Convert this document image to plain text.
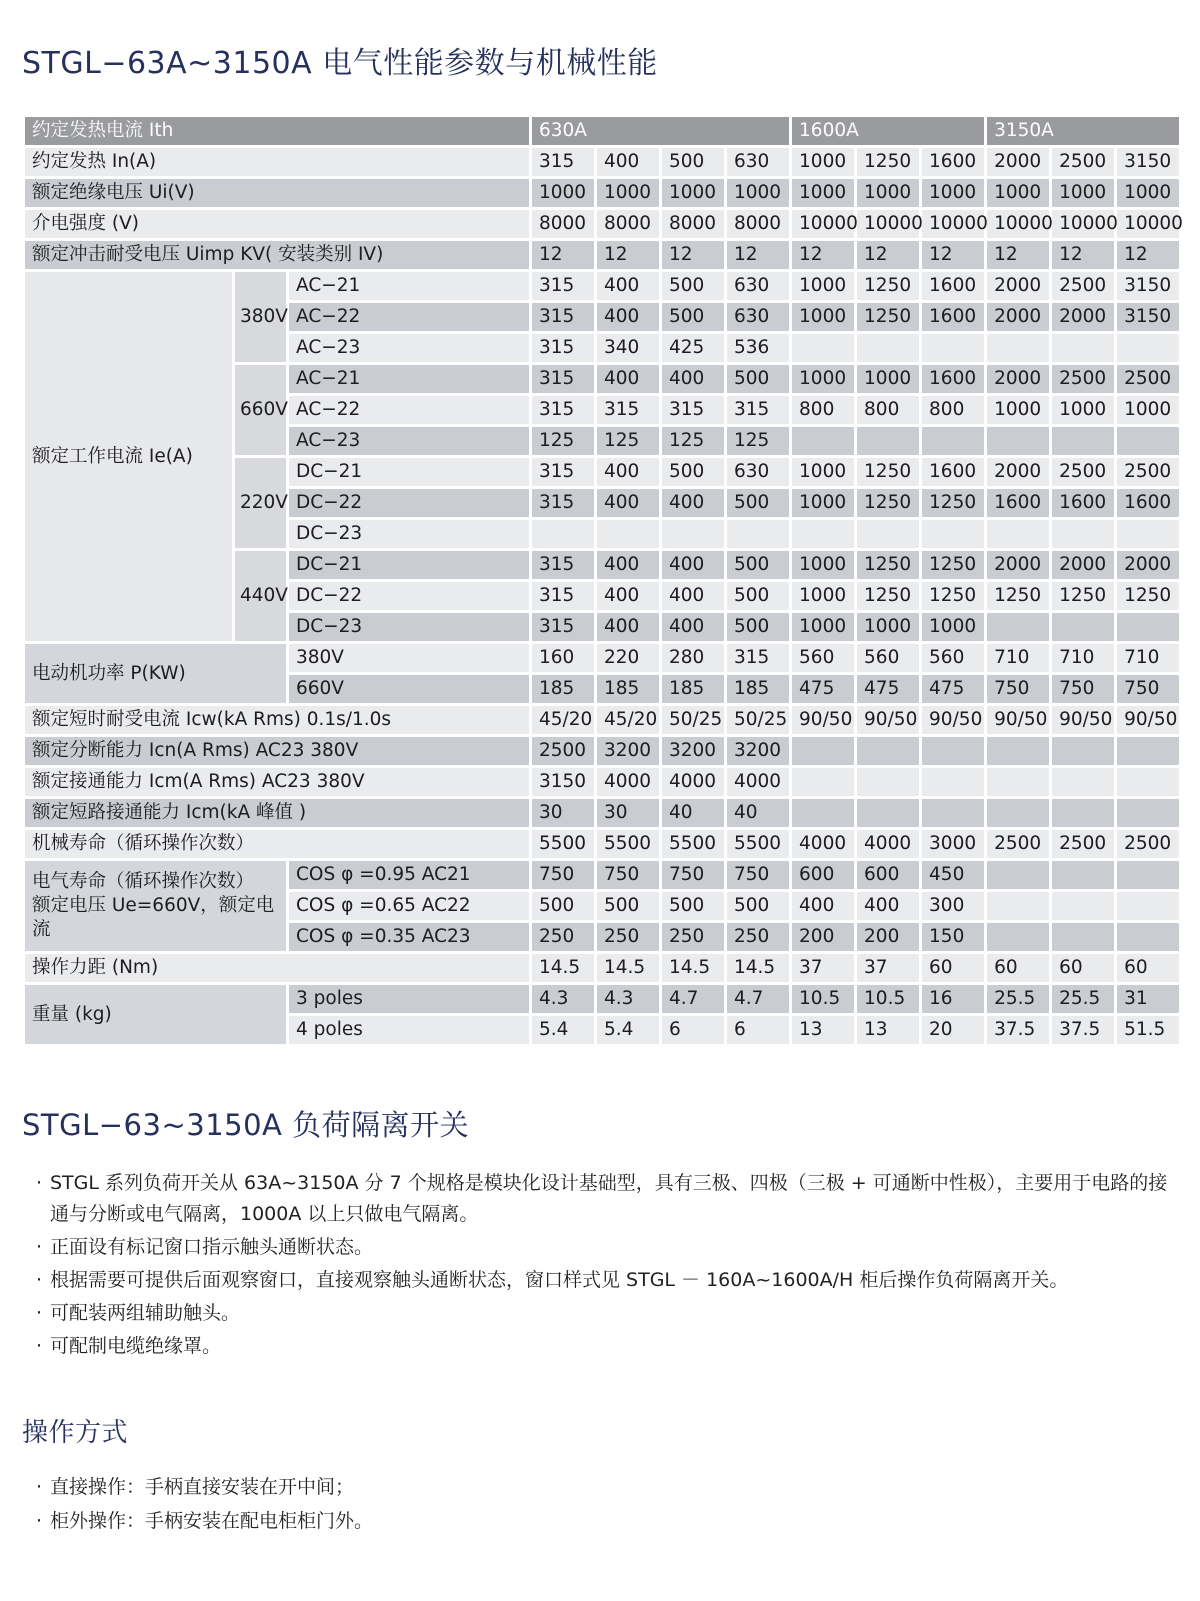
STGL−63A~3150A 电气性能参数与机械性能
约定发热电流 Ith			630A				1600A			3150A		
约定发热 In(A)			315	400	500	630	1000	1250	1600	2000	2500	3150
额定绝缘电压 Ui(V)			1000	1000	1000	1000	1000	1000	1000	1000	1000	1000
介电强度 (V)			8000	8000	8000	8000	10000	10000	10000	10000	10000	10000
额定冲击耐受电压 Uimp KV( 安装类别 IV)			12	12	12	12	12	12	12	12	12	12
额定工作电流 Ie(A)	380V	AC−21	315	400	500	630	1000	1250	1600	2000	2500	3150
		AC−22	315	400	500	630	1000	1250	1600	2000	2000	3150
		AC−23	315	340	425	536						
	660V	AC−21	315	400	400	500	1000	1000	1600	2000	2500	2500
		AC−22	315	315	315	315	800	800	800	1000	1000	1000
		AC−23	125	125	125	125						
	220V	DC−21	315	400	500	630	1000	1250	1600	2000	2500	2500
		DC−22	315	400	400	500	1000	1250	1250	1600	1600	1600
		DC−23										
	440V	DC−21	315	400	400	500	1000	1250	1250	2000	2000	2000
		DC−22	315	400	400	500	1000	1250	1250	1250	1250	1250
		DC−23	315	400	400	500	1000	1000	1000			
电动机功率 P(KW)		380V	160	220	280	315	560	560	560	710	710	710
		660V	185	185	185	185	475	475	475	750	750	750
额定短时耐受电流 Icw(kA Rms) 0.1s/1.0s			45/20	45/20	50/25	50/25	90/50	90/50	90/50	90/50	90/50	90/50
额定分断能力 Icn(A Rms) AC23 380V			2500	3200	3200	3200						
额定接通能力 Icm(A Rms) AC23 380V			3150	4000	4000	4000						
额定短路接通能力 Icm(kA 峰值 )			30	30	40	40						
机械寿命（循环操作次数）			5500	5500	5500	5500	4000	4000	3000	2500	2500	2500

电气寿命（循环操作次数）
额定电压 Ue=660V，额定电流		COS φ =0.95 AC21	750	750	750	750	600	600	450			
		COS φ =0.65 AC22	500	500	500	500	400	400	300			
		COS φ =0.35 AC23	250	250	250	250	200	200	150			
操作力距 (Nm)			14.5	14.5	14.5	14.5	37	37	60	60	60	60
重量 (kg)		3 poles	4.3	4.3	4.7	4.7	10.5	10.5	16	25.5	25.5	31
		4 poles	5.4	5.4	6	6	13	13	20	37.5	37.5	51.5
STGL−63~3150A 负荷隔离开关
· STGL 系列负荷开关从 63A~3150A 分 7 个规格是模块化设计基础型，具有三极、四极（三极 + 可通断中性极），主要用于电路的接通与分断或电气隔离，1000A 以上只做电气隔离。
· 正面设有标记窗口指示触头通断状态。
· 根据需要可提供后面观察窗口，直接观察触头通断状态，窗口样式见 STGL － 160A~1600A/H 柜后操作负荷隔离开关。
· 可配装两组辅助触头。
· 可配制电缆绝缘罩。
操作方式
· 直接操作：手柄直接安装在开中间；
· 柜外操作：手柄安装在配电柜柜门外。
